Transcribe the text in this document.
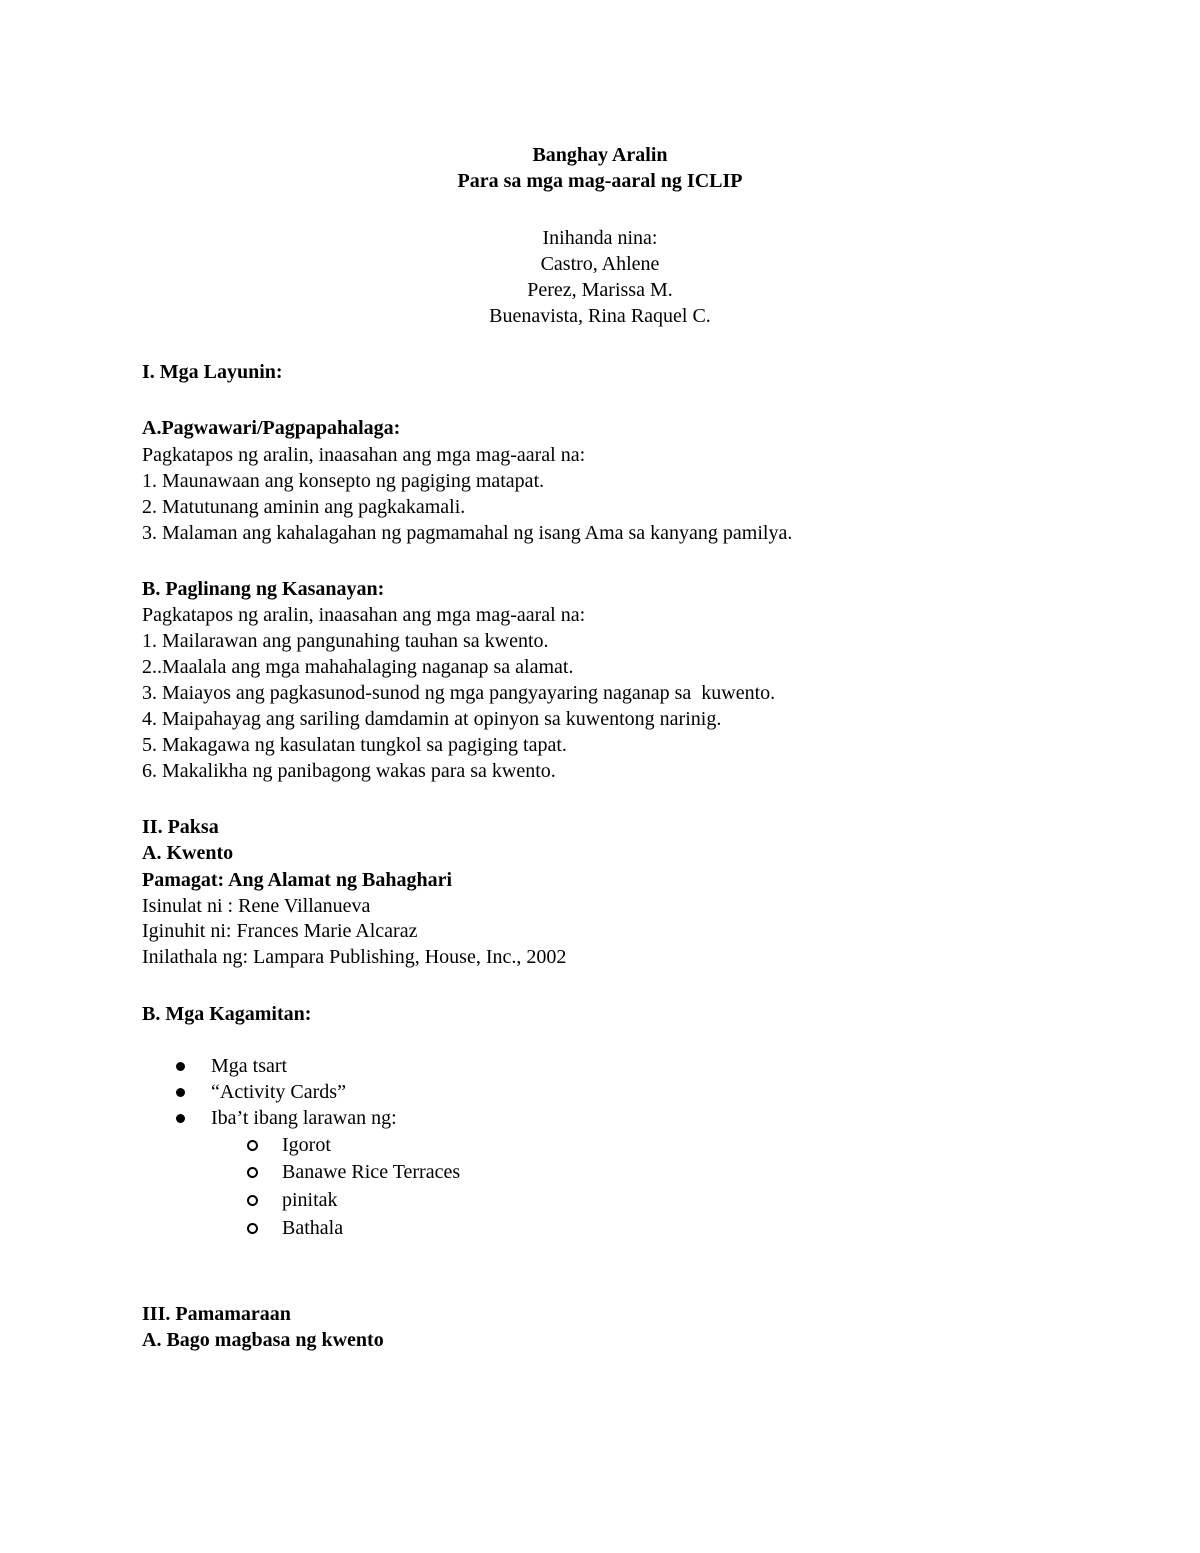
Banghay Aralin
Para sa mga mag-aaral ng ICLIP
Inihanda nina:
Castro, Ahlene
Perez, Marissa M.
Buenavista, Rina Raquel C.
I. Mga Layunin:
A.Pagwawari/Pagpapahalaga:
Pagkatapos ng aralin, inaasahan ang mga mag-aaral na:
1. Maunawaan ang konsepto ng pagiging matapat.
2. Matutunang aminin ang pagkakamali.
3. Malaman ang kahalagahan ng pagmamahal ng isang Ama sa kanyang pamilya.
B. Paglinang ng Kasanayan:
Pagkatapos ng aralin, inaasahan ang mga mag-aaral na:
1. Mailarawan ang pangunahing tauhan sa kwento.
2..Maalala ang mga mahahalaging naganap sa alamat.
3. Maiayos ang pagkasunod-sunod ng mga pangyayaring naganap sa  kuwento.
4. Maipahayag ang sariling damdamin at opinyon sa kuwentong narinig.
5. Makagawa ng kasulatan tungkol sa pagiging tapat.
6. Makalikha ng panibagong wakas para sa kwento.
II. Paksa
A. Kwento
Pamagat: Ang Alamat ng Bahaghari
Isinulat ni : Rene Villanueva
Iginuhit ni: Frances Marie Alcaraz
Inilathala ng: Lampara Publishing, House, Inc., 2002
B. Mga Kagamitan:
Mga tsart
“Activity Cards”
Iba’t ibang larawan ng:
Igorot
Banawe Rice Terraces
pinitak
Bathala
III. Pamamaraan
A. Bago magbasa ng kwento
